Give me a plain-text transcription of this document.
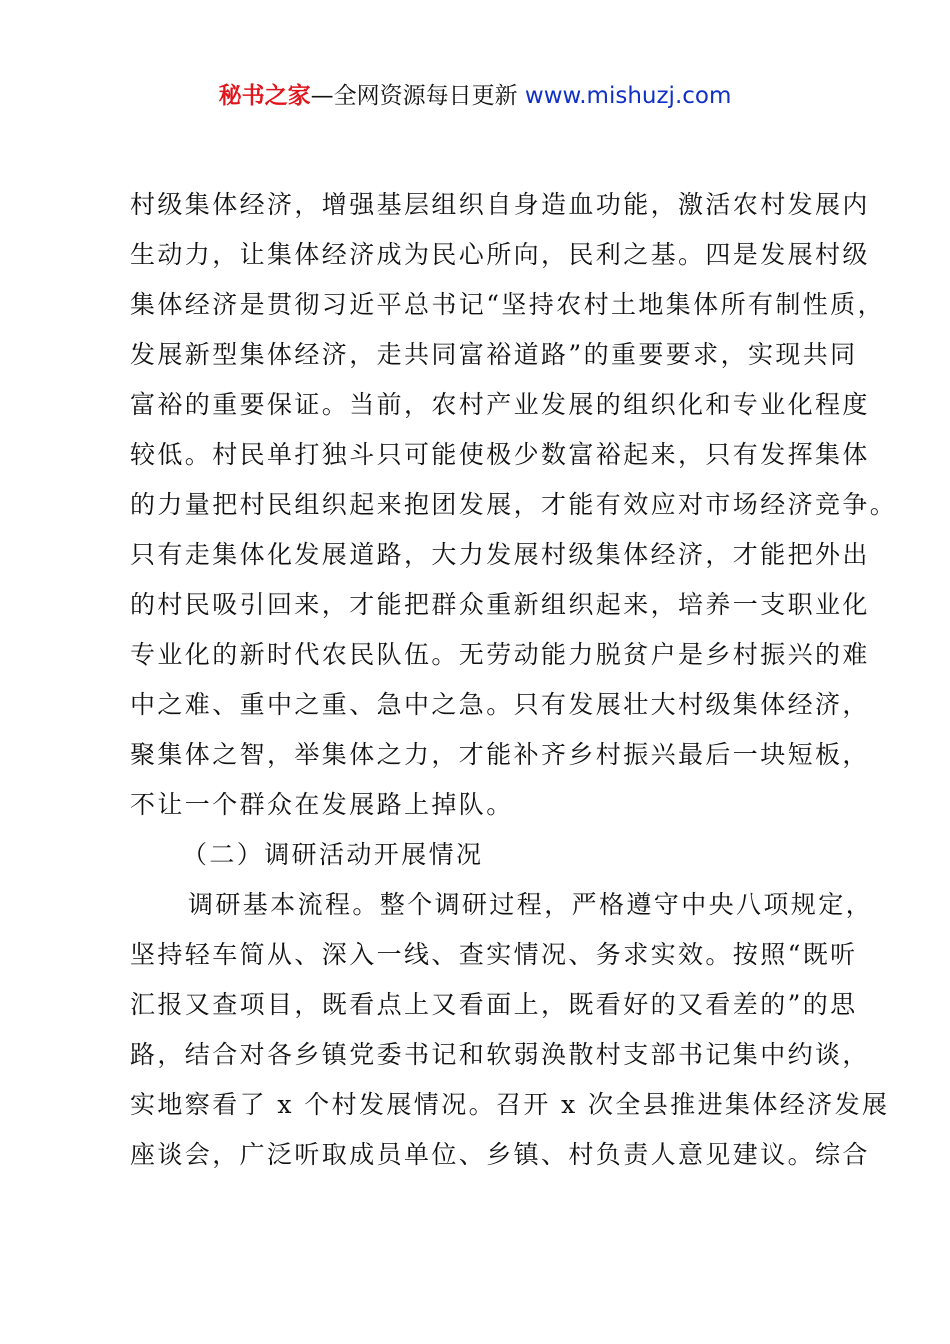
秘书之家—全网资源每日更新 www.mishuzj.com
村级集体经济，增强基层组织自身造血功能，激活农村发展内
生动力，让集体经济成为民心所向，民利之基。四是发展村级
集体经济是贯彻习近平总书记“坚持农村土地集体所有制性质，
发展新型集体经济，走共同富裕道路”的重要要求，实现共同
富裕的重要保证。当前，农村产业发展的组织化和专业化程度
较低。村民单打独斗只可能使极少数富裕起来，只有发挥集体
的力量把村民组织起来抱团发展，才能有效应对市场经济竞争。
只有走集体化发展道路，大力发展村级集体经济，才能把外出
的村民吸引回来，才能把群众重新组织起来，培养一支职业化
专业化的新时代农民队伍。无劳动能力脱贫户是乡村振兴的难
中之难、重中之重、急中之急。只有发展壮大村级集体经济，
聚集体之智，举集体之力，才能补齐乡村振兴最后一块短板，
不让一个群众在发展路上掉队。
（二）调研活动开展情况
调研基本流程。整个调研过程，严格遵守中央八项规定，
坚持轻车简从、深入一线、查实情况、务求实效。按照“既听
汇报又查项目，既看点上又看面上，既看好的又看差的”的思
路，结合对各乡镇党委书记和软弱涣散村支部书记集中约谈，
实地察看了 x 个村发展情况。召开 x 次全县推进集体经济发展
座谈会，广泛听取成员单位、乡镇、村负责人意见建议。综合
